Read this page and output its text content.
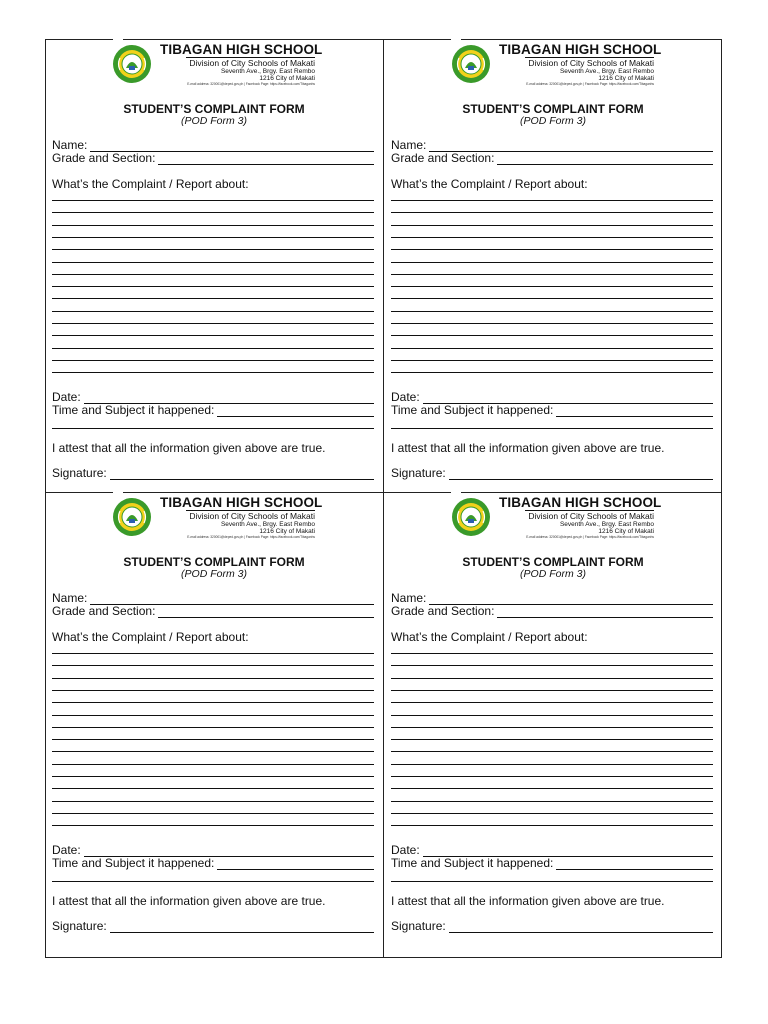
TIBAGAN HIGH SCHOOL
Division of City Schools of Makati
Seventh Ave., Brgy. East Rembo
1216 City of Makati
E-mail address: 320001@deped.gov.ph | Facebook Page: https://facebook.com/Tibaganhs
STUDENT’S COMPLAINT FORM
(POD Form 3)
Name:
Grade and Section:
What’s the Complaint / Report about:
Date:
Time and Subject it happened:
I attest that all the information given above are true.
Signature:
TIBAGAN HIGH SCHOOL
Division of City Schools of Makati
Seventh Ave., Brgy. East Rembo
1216 City of Makati
E-mail address: 320001@deped.gov.ph | Facebook Page: https://facebook.com/Tibaganhs
STUDENT’S COMPLAINT FORM
(POD Form 3)
Name:
Grade and Section:
What’s the Complaint / Report about:
Date:
Time and Subject it happened:
I attest that all the information given above are true.
Signature:
TIBAGAN HIGH SCHOOL
Division of City Schools of Makati
Seventh Ave., Brgy. East Rembo
1216 City of Makati
E-mail address: 320001@deped.gov.ph | Facebook Page: https://facebook.com/Tibaganhs
STUDENT’S COMPLAINT FORM
(POD Form 3)
Name:
Grade and Section:
What’s the Complaint / Report about:
Date:
Time and Subject it happened:
I attest that all the information given above are true.
Signature:
TIBAGAN HIGH SCHOOL
Division of City Schools of Makati
Seventh Ave., Brgy. East Rembo
1216 City of Makati
E-mail address: 320001@deped.gov.ph | Facebook Page: https://facebook.com/Tibaganhs
STUDENT’S COMPLAINT FORM
(POD Form 3)
Name:
Grade and Section:
What’s the Complaint / Report about:
Date:
Time and Subject it happened:
I attest that all the information given above are true.
Signature:
